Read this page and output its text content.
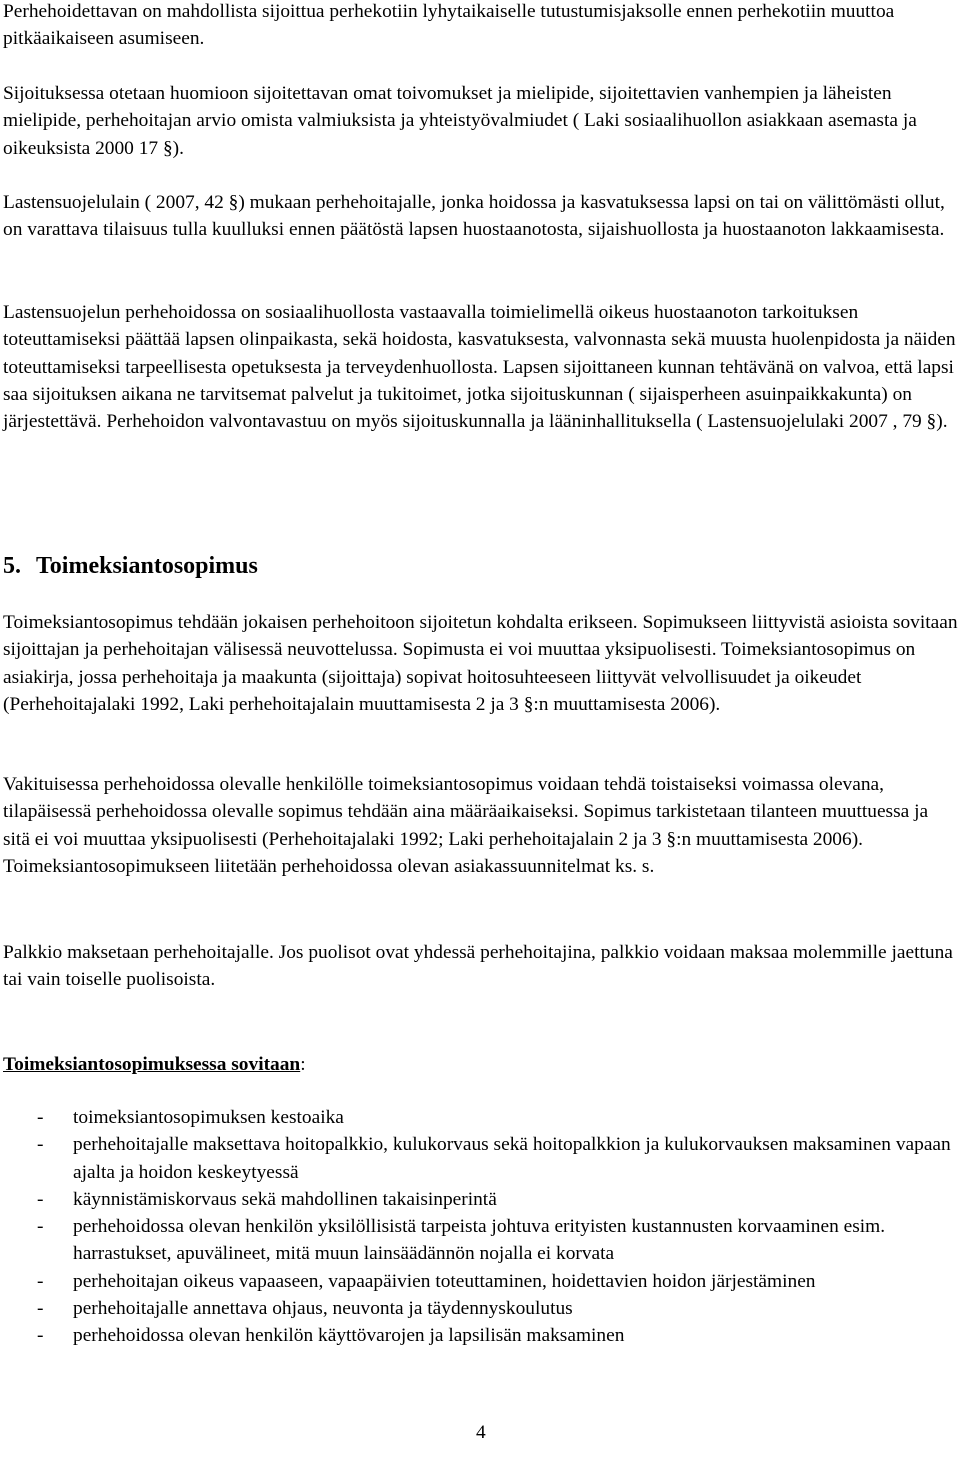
Perhehoidettavan on mahdollista sijoittua perhekotiin lyhytaikaiselle tutustumisjaksolle ennen perhekotiin muuttoa pitkäaikaiseen asumiseen.

Sijoituksessa otetaan huomioon sijoitettavan omat toivomukset ja mielipide, sijoitettavien vanhempien ja läheisten mielipide, perhehoitajan arvio omista valmiuksista ja yhteistyövalmiudet ( Laki sosiaalihuollon asiakkaan asemasta ja oikeuksista 2000 17 §).

Lastensuojelulain ( 2007, 42 §) mukaan perhehoitajalle, jonka hoidossa ja kasvatuksessa lapsi on tai on välittömästi ollut, on varattava tilaisuus tulla kuulluksi ennen päätöstä lapsen huostaanotosta, sijaishuollosta ja huostaanoton lakkaamisesta.

Lastensuojelun perhehoidossa on sosiaalihuollosta vastaavalla toimielimellä oikeus huostaanoton tarkoituksen toteuttamiseksi päättää lapsen olinpaikasta, sekä hoidosta, kasvatuksesta, valvonnasta sekä muusta huolenpidosta ja näiden toteuttamiseksi tarpeellisesta opetuksesta ja terveydenhuollosta. Lapsen sijoittaneen kunnan tehtävänä on valvoa, että lapsi saa sijoituksen aikana ne tarvitsemat palvelut ja tukitoimet, jotka sijoituskunnan ( sijaisperheen asuinpaikkakunta) on järjestettävä. Perhehoidon valvontavastuu on myös sijoituskunnalla ja lääninhallituksella ( Lastensuojelulaki 2007 , 79 §).

5. Toimeksiantosopimus

Toimeksiantosopimus tehdään jokaisen perhehoitoon sijoitetun kohdalta erikseen. Sopimukseen liittyvistä asioista sovitaan sijoittajan ja perhehoitajan välisessä neuvottelussa. Sopimusta ei voi muuttaa yksipuolisesti. Toimeksiantosopimus on asiakirja, jossa perhehoitaja ja maakunta (sijoittaja) sopivat hoitosuhteeseen liittyvät velvollisuudet ja oikeudet (Perhehoitajalaki 1992, Laki perhehoitajalain muuttamisesta 2 ja 3 §:n muuttamisesta 2006).

Vakituisessa perhehoidossa olevalle henkilölle toimeksiantosopimus voidaan tehdä toistaiseksi voimassa olevana, tilapäisessä perhehoidossa olevalle sopimus tehdään aina määräaikaiseksi. Sopimus tarkistetaan tilanteen muuttuessa ja sitä ei voi muuttaa yksipuolisesti (Perhehoitajalaki 1992; Laki perhehoitajalain 2 ja 3 §:n muuttamisesta 2006). Toimeksiantosopimukseen liitetään perhehoidossa olevan asiakassuunnitelmat ks. s.

Palkkio maksetaan perhehoitajalle. Jos puolisot ovat yhdessä perhehoitajina, palkkio voidaan maksaa molemmille jaettuna tai vain toiselle puolisoista.

Toimeksiantosopimuksessa sovitaan:

-	toimeksiantosopimuksen kestoaika
-	perhehoitajalle maksettava hoitopalkkio, kulukorvaus sekä hoitopalkkion ja kulukorvauksen maksaminen vapaan ajalta ja hoidon keskeytyessä
-	käynnistämiskorvaus sekä mahdollinen takaisinperintä
-	perhehoidossa olevan henkilön yksilöllisistä tarpeista johtuva erityisten kustannusten korvaaminen esim. harrastukset, apuvälineet, mitä muun lainsäädännön nojalla ei korvata
-	perhehoitajan oikeus vapaaseen, vapaapäivien toteuttaminen, hoidettavien hoidon järjestäminen
-	perhehoitajalle annettava ohjaus, neuvonta ja täydennyskoulutus
-	perhehoidossa olevan henkilön käyttövarojen ja lapsilisän maksaminen

4
